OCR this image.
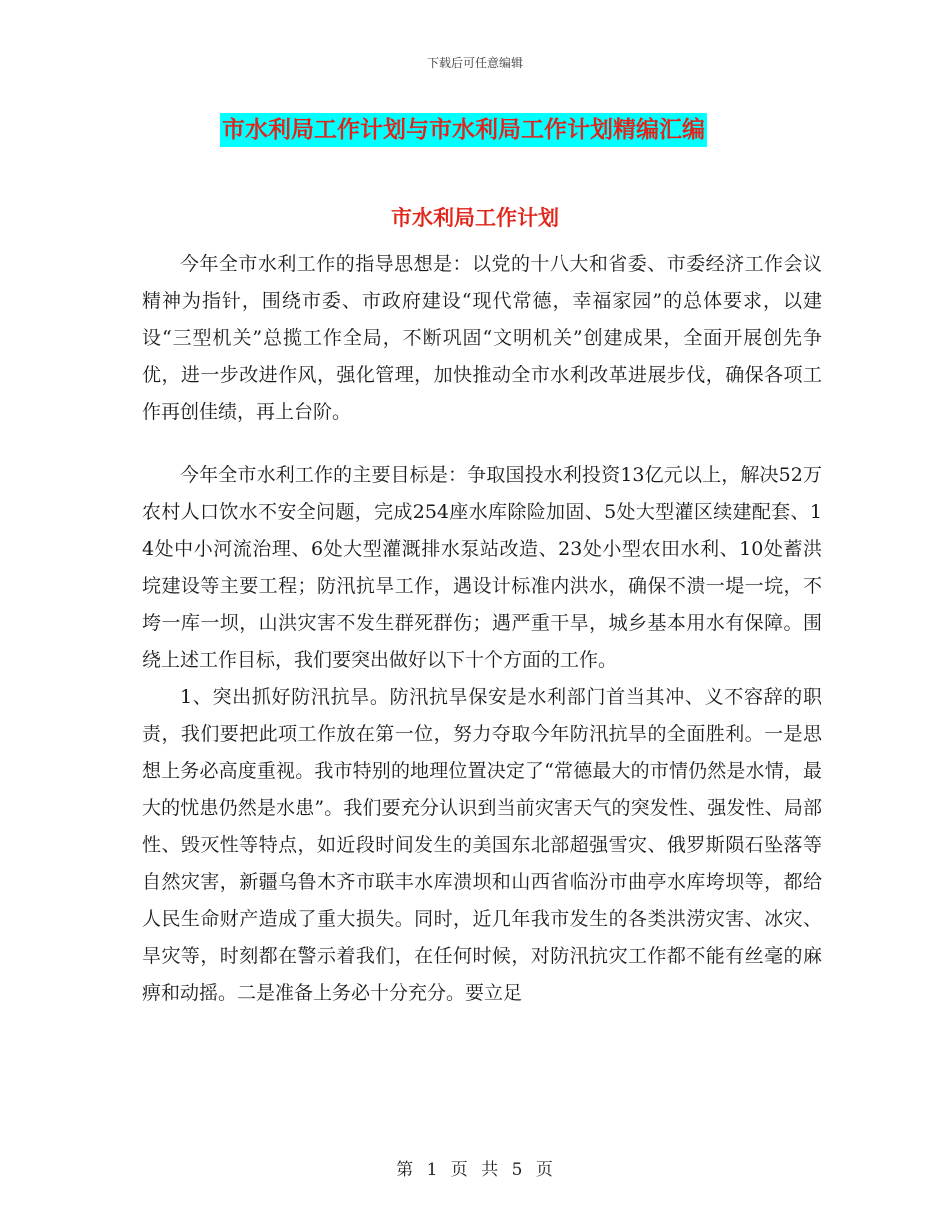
下载后可任意编辑
市水利局工作计划与市水利局工作计划精编汇编
市水利局工作计划

今年全市水利工作的指导思想是：以党的十八大和省委、市委经济工作会议精神为指针，围绕市委、市政府建设“现代常德，幸福家园”的总体要求，以建设“三型机关”总揽工作全局，不断巩固“文明机关”创建成果，全面开展创先争优，进一步改进作风，强化管理，加快推动全市水利改革进展步伐，确保各项工作再创佳绩，再上台阶。

今年全市水利工作的主要目标是：争取国投水利投资13亿元以上，解决52万农村人口饮水不安全问题，完成254座水库除险加固、5处大型灌区续建配套、14处中小河流治理、6处大型灌溉排水泵站改造、23处小型农田水利、10处蓄洪垸建设等主要工程；防汛抗旱工作，遇设计标准内洪水，确保不溃一堤一垸，不垮一库一坝，山洪灾害不发生群死群伤；遇严重干旱，城乡基本用水有保障。围绕上述工作目标，我们要突出做好以下十个方面的工作。

1、突出抓好防汛抗旱。防汛抗旱保安是水利部门首当其冲、义不容辞的职责，我们要把此项工作放在第一位，努力夺取今年防汛抗旱的全面胜利。一是思想上务必高度重视。我市特别的地理位置决定了“常德最大的市情仍然是水情，最大的忧患仍然是水患”。我们要充分认识到当前灾害天气的突发性、强发性、局部性、毁灭性等特点，如近段时间发生的美国东北部超强雪灾、俄罗斯陨石坠落等自然灾害，新疆乌鲁木齐市联丰水库溃坝和山西省临汾市曲亭水库垮坝等，都给人民生命财产造成了重大损失。同时，近几年我市发生的各类洪涝灾害、冰灾、旱灾等，时刻都在警示着我们，在任何时候，对防汛抗灾工作都不能有丝毫的麻痹和动摇。二是准备上务必十分充分。要立足

第 1 页 共 5 页
